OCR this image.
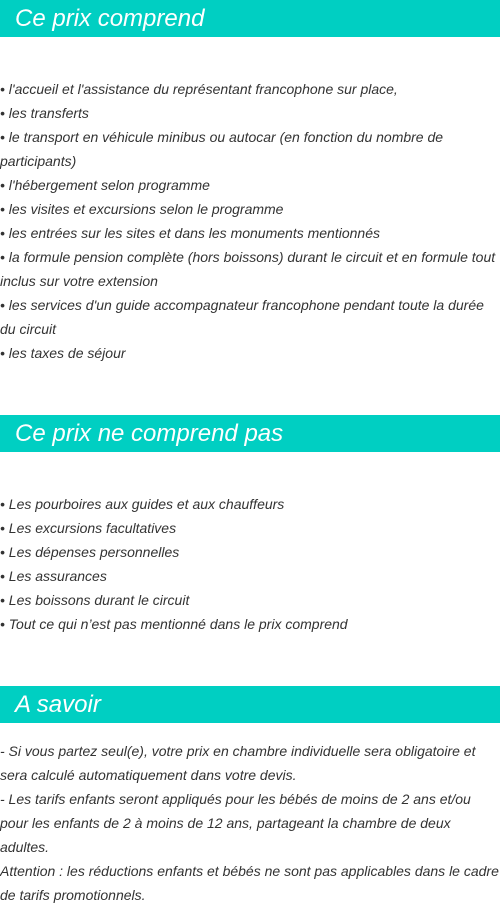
Ce prix comprend
• l'accueil et l'assistance du représentant francophone sur place,
• les transferts
• le transport en véhicule minibus ou autocar (en fonction du nombre de participants)
• l'hébergement selon programme
• les visites et excursions selon le programme
• les entrées sur les sites et dans les monuments mentionnés
• la formule pension complète (hors boissons) durant le circuit et en formule tout inclus sur votre extension
• les services d'un guide accompagnateur francophone pendant toute la durée du circuit
• les taxes de séjour
Ce prix ne comprend pas
• Les pourboires aux guides et aux chauffeurs
• Les excursions facultatives
• Les dépenses personnelles
• Les assurances
• Les boissons durant le circuit
• Tout ce qui n’est pas mentionné dans le prix comprend
A savoir

- Si vous partez seul(e), votre prix en chambre individuelle sera obligatoire et sera calculé automatiquement dans votre devis.

- Les tarifs enfants seront appliqués pour les bébés de moins de 2 ans et/ou pour les enfants de 2 à moins de 12 ans, partageant la chambre de deux adultes.

Attention : les réductions enfants et bébés ne sont pas applicables dans le cadre de tarifs promotionnels.
